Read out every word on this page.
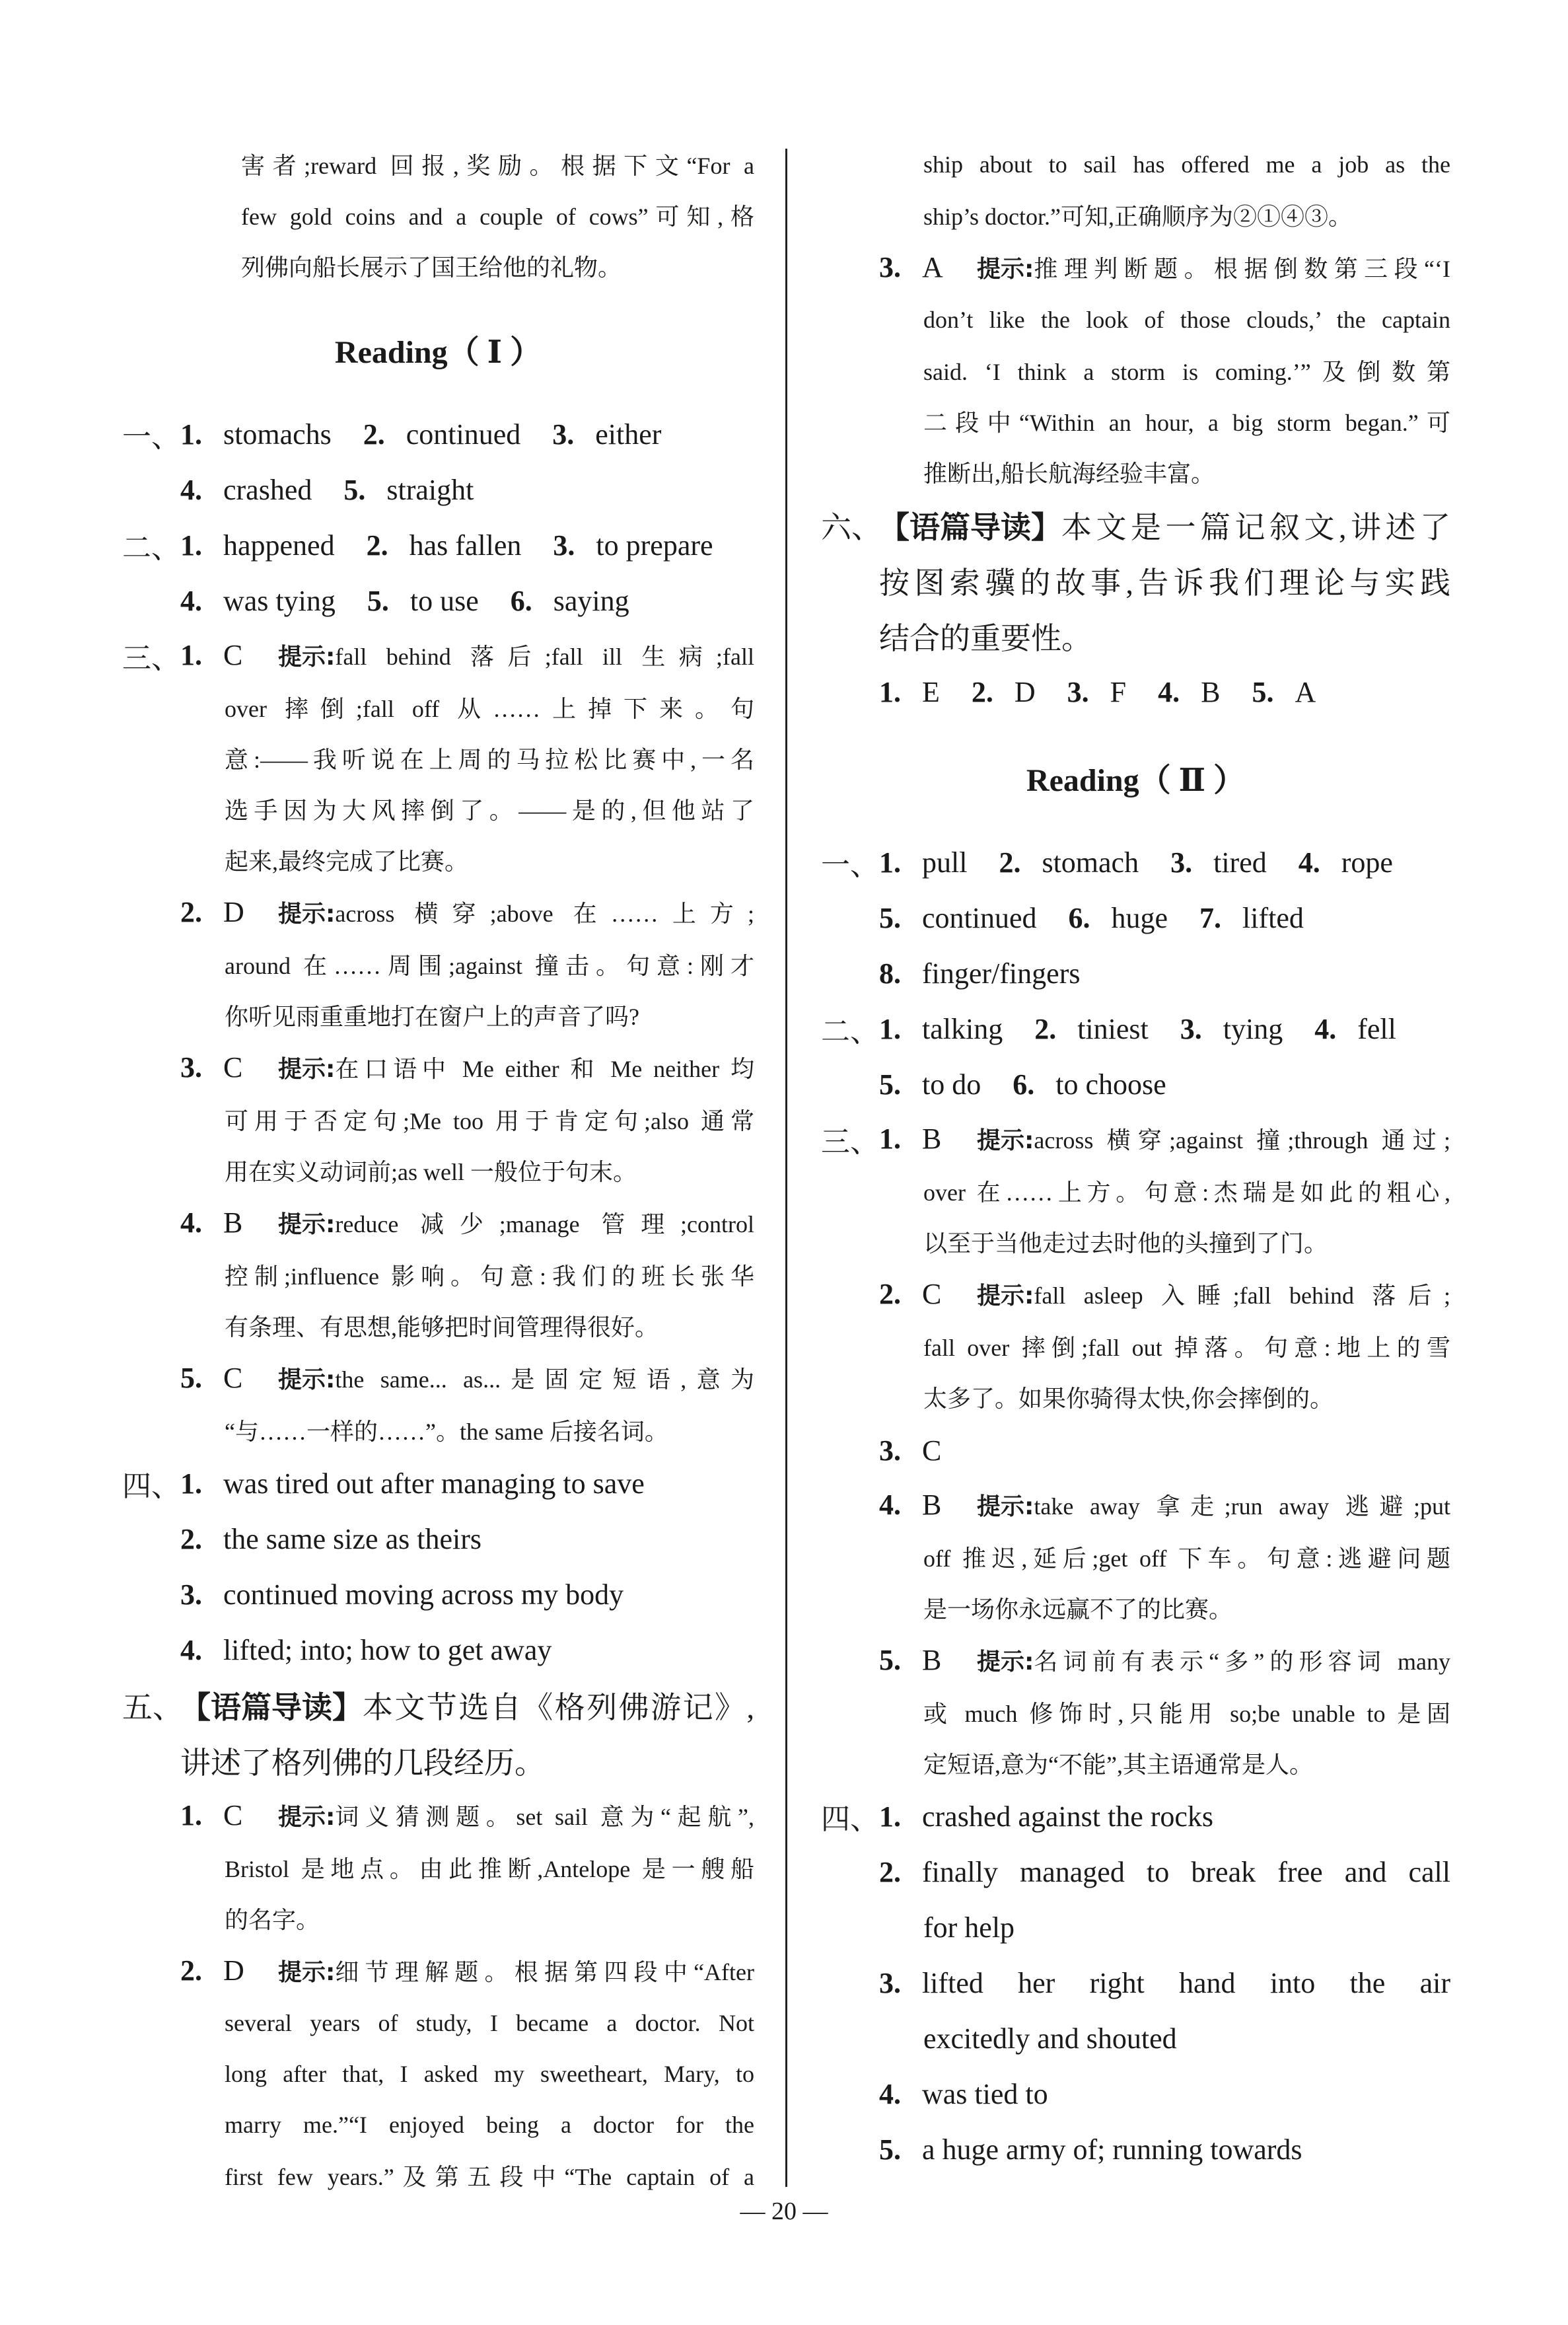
害者;reward 回报,奖励。根据下文“For a
few gold coins and a couple of cows”可知,格
列佛向船长展示了国王给他的礼物。
Reading（ Ⅰ ）
一、 1. stomachs 2. continued 3. either
4. crashed 5. straight
二、 1. happened 2. has fallen 3. to prepare
4. was tying 5. to use 6. saying
三、 1. C	提示: fall behind 落后;fall ill 生病;fall
over 摔倒;fall off 从……上掉下来。句
意:——我听说在上周的马拉松比赛中,一名
选手因为大风摔倒了。——是的,但他站了
起来,最终完成了比赛。
2. D	提示: across 横穿;above 在……上方;
around 在……周围;against 撞击。句意:刚才
你听见雨重重地打在窗户上的声音了吗?
3. C	提示: 在口语中 Me either 和 Me neither 均
可用于否定句;Me too 用于肯定句;also 通常
用在实义动词前;as well 一般位于句末。
4. B	提示: reduce 减少;manage 管理;control
控制;influence 影响。句意:我们的班长张华
有条理、有思想,能够把时间管理得很好。
5. C	提示: the same... as...是固定短语,意为
“与……一样的……”。the same 后接名词。
四、 1. was tired out after managing to save
2. the same size as theirs
3. continued moving across my body
4. lifted; into; how to get away
五、
【语篇导读】 本文节选自《格列佛游记》,
讲述了格列佛的几段经历。
1. C	提示: 词义猜测题。set sail 意为“起航”,
Bristol 是地点。由此推断,Antelope 是一艘船
的名字。
2. D	提示: 细节理解题。根据第四段中“After
several years of study, I became a doctor. Not
long after that, I asked my sweetheart, Mary, to
marry me.”“I enjoyed being a doctor for the
first few years.”及第五段中“The captain of a
ship about to sail has offered me a job as the
ship’s doctor.”可知,正确顺序为②①④③。
3. A	提示: 推理判断题。根据倒数第三段“‘I
don’t like the look of those clouds,’ the captain
said. ‘I think a storm is coming.’”及倒数第
二段中“Within an hour, a big storm began.”可
推断出,船长航海经验丰富。
六、
【语篇导读】 本文是一篇记叙文,讲述了
按图索骥的故事,告诉我们理论与实践
结合的重要性。
1. E 2. D 3. F 4. B 5. A
Reading（ Ⅱ ）
一、 1. pull 2. stomach 3. tired 4. rope
5. continued 6. huge 7. lifted
8. finger/fingers
二、 1. talking 2. tiniest 3. tying 4. fell
5. to do 6. to choose
三、 1. B	提示: across 横穿;against 撞;through 通过;
over 在……上方。句意:杰瑞是如此的粗心,
以至于当他走过去时他的头撞到了门。
2. C	提示: fall asleep 入睡;fall behind 落后;
fall over 摔倒;fall out 掉落。句意:地上的雪
太多了。如果你骑得太快,你会摔倒的。
3. C
4. B	提示: take away 拿走;run away 逃避;put
off 推迟,延后;get off 下车。句意:逃避问题
是一场你永远赢不了的比赛。
5. B	提示: 名词前有表示“多”的形容词 many
或 much 修饰时,只能用 so;be unable to 是固
定短语,意为“不能”,其主语通常是人。
四、 1. crashed against the rocks
2. finally managed to break free and call
for help
3. lifted her right hand into the air
excitedly and shouted
4. was tied to
5. a huge army of; running towards
— 20 —
